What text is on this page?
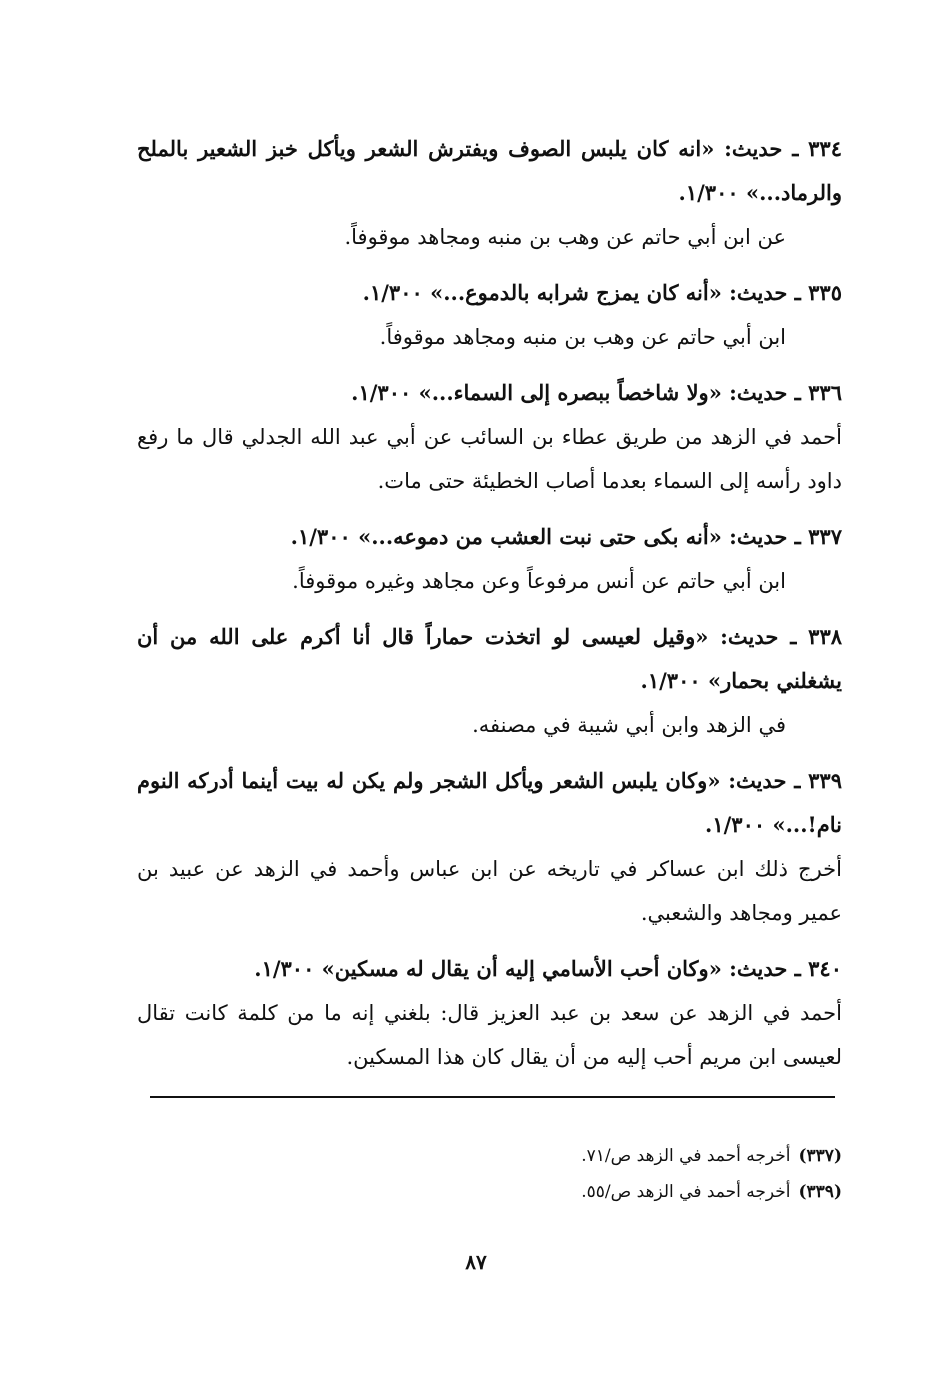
٣٣٤ ـ حديث: «انه كان يلبس الصوف ويفترش الشعر ويأكل خبز الشعير بالملح والرماد...» ١/٣٠٠.
عن ابن أبي حاتم عن وهب بن منبه ومجاهد موقوفاً.
٣٣٥ ـ حديث: «أنه كان يمزج شرابه بالدموع...» ١/٣٠٠.
ابن أبي حاتم عن وهب بن منبه ومجاهد موقوفاً.
٣٣٦ ـ حديث: «ولا شاخصاً ببصره إلى السماء...» ١/٣٠٠.
أحمد في الزهد من طريق عطاء بن السائب عن أبي عبد الله الجدلي قال ما رفع داود رأسه إلى السماء بعدما أصاب الخطيئة حتى مات.
٣٣٧ ـ حديث: «أنه بكى حتى نبت العشب من دموعه...» ١/٣٠٠.
ابن أبي حاتم عن أنس مرفوعاً وعن مجاهد وغيره موقوفاً.
٣٣٨ ـ حديث: «وقيل لعيسى لو اتخذت حماراً قال أنا أكرم على الله من أن يشغلني بحمار» ١/٣٠٠.
في الزهد وابن أبي شيبة في مصنفه.
٣٣٩ ـ حديث: «وكان يلبس الشعر ويأكل الشجر ولم يكن له بيت أينما أدركه النوم نام!...» ١/٣٠٠.
أخرج ذلك ابن عساكر في تاريخه عن ابن عباس وأحمد في الزهد عن عبيد بن عمير ومجاهد والشعبي.
٣٤٠ ـ حديث: «وكان أحب الأسامي إليه أن يقال له مسكين» ١/٣٠٠.
أحمد في الزهد عن سعد بن عبد العزيز قال: بلغني إنه ما من كلمة كانت تقال لعيسى ابن مريم أحب إليه من أن يقال كان هذا المسكين.
(٣٣٧)أخرجه أحمد في الزهد ص/٧١.
(٣٣٩)أخرجه أحمد في الزهد ص/٥٥.
٨٧
